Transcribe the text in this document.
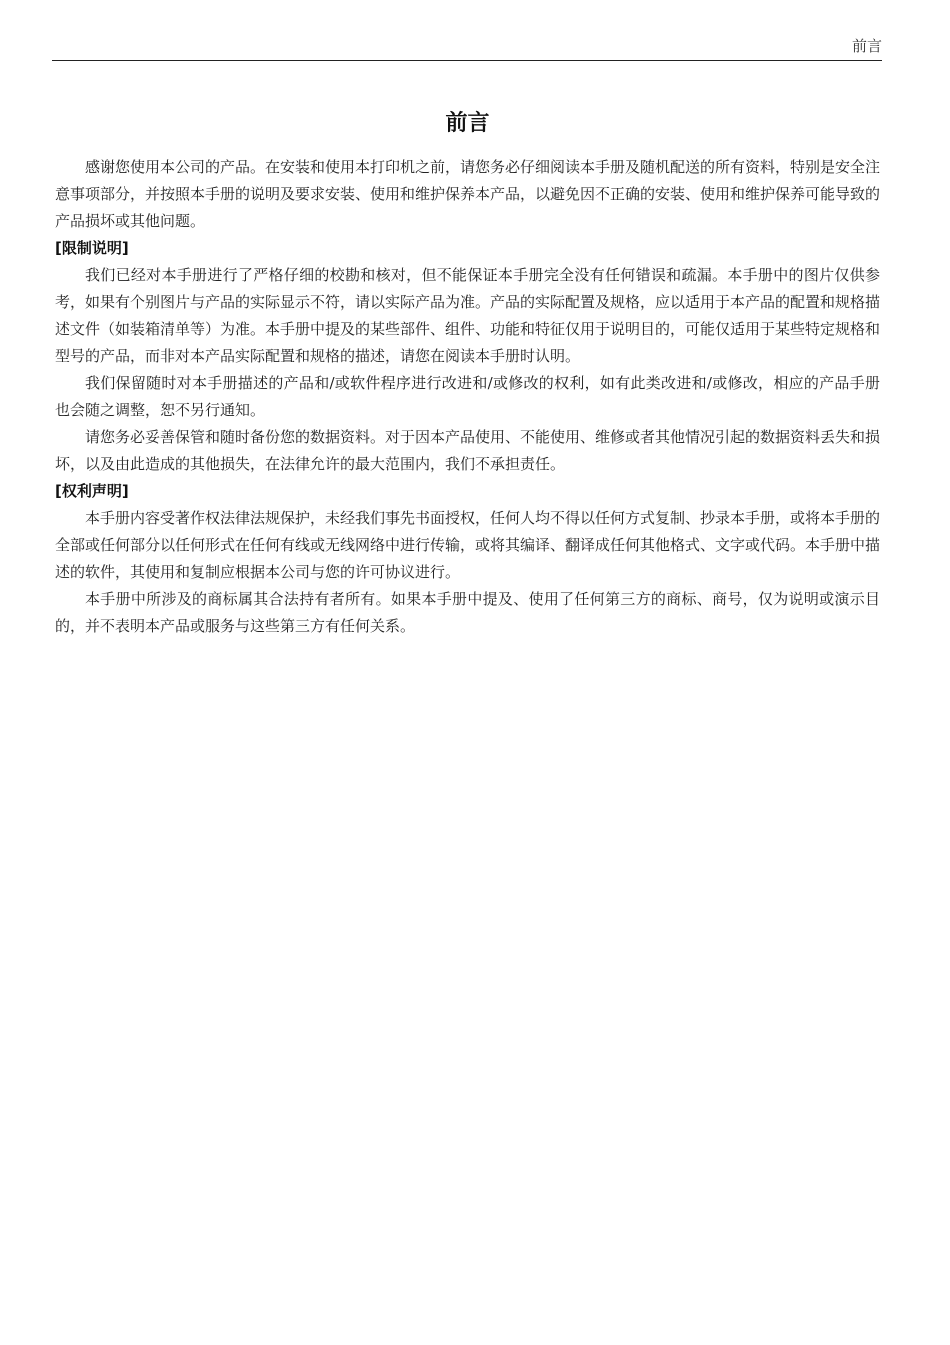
前言
前言

感谢您使用本公司的产品。在安装和使用本打印机之前，请您务必仔细阅读本手册及随机配送的所有资料，特别是安全注意事项部分，并按照本手册的说明及要求安装、使用和维护保养本产品，以避免因不正确的安装、使用和维护保养可能导致的产品损坏或其他问题。

[限制说明]

我们已经对本手册进行了严格仔细的校勘和核对，但不能保证本手册完全没有任何错误和疏漏。本手册中的图片仅供参考，如果有个别图片与产品的实际显示不符，请以实际产品为准。产品的实际配置及规格，应以适用于本产品的配置和规格描述文件（如装箱清单等）为准。本手册中提及的某些部件、组件、功能和特征仅用于说明目的，可能仅适用于某些特定规格和型号的产品，而非对本产品实际配置和规格的描述，请您在阅读本手册时认明。

我们保留随时对本手册描述的产品和/或软件程序进行改进和/或修改的权利，如有此类改进和/或修改，相应的产品手册也会随之调整，恕不另行通知。

请您务必妥善保管和随时备份您的数据资料。对于因本产品使用、不能使用、维修或者其他情况引起的数据资料丢失和损坏，以及由此造成的其他损失，在法律允许的最大范围内，我们不承担责任。

[权利声明]

本手册内容受著作权法律法规保护，未经我们事先书面授权，任何人均不得以任何方式复制、抄录本手册，或将本手册的全部或任何部分以任何形式在任何有线或无线网络中进行传输，或将其编译、翻译成任何其他格式、文字或代码。本手册中描述的软件，其使用和复制应根据本公司与您的许可协议进行。

本手册中所涉及的商标属其合法持有者所有。如果本手册中提及、使用了任何第三方的商标、商号，仅为说明或演示目的，并不表明本产品或服务与这些第三方有任何关系。
